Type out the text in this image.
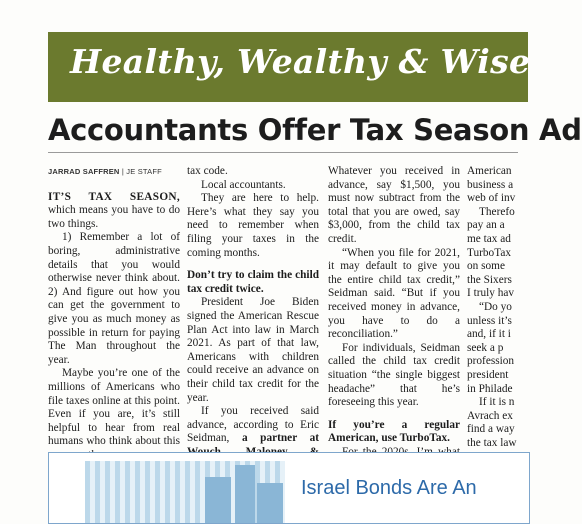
Healthy, Wealthy & Wise
Accountants Offer Tax Season Ad
JARRAD SAFFREN | JE STAFF

IT’S TAX SEASON, which means you have to do two things.

1) Remember a lot of boring, administrative details that you would otherwise never think about. 2) And figure out how you can get the government to give you as much money as possible in return for paying The Man throughout the year.

Maybe you’re one of the millions of Americans who file taxes online at this point. Even if you are, it’s still helpful to hear from real humans who think about this

tax code.

Local accountants.

They are here to help. Here’s what they say you need to remember when filing your taxes in the coming months.

Don’t try to claim the child tax credit twice.

President Joe Biden signed the American Rescue Plan Act into law in March 2021. As part of that law, Americans with children could receive an advance on their child tax credit for the year.

If you received said advance, according to Eric Seidman, a partner at

Whatever you received in advance, say $1,500, you must now subtract from the total that you are owed, say $3,000, from the child tax credit.

“When you file for 2021, it may default to give you the entire child tax credit,” Seidman said. “But if you received money in advance, you have to do a reconciliation.”

For individuals, Seidman called the child tax credit situation “the single biggest headache” that he’s foreseeing this year.

If you’re a regular American, use TurboTax.

American
business a
web of inv
Therefo
pay an a
me tax ad
TurboTax
on some
the Sixers
I truly hav
“Do yo
unless it’s
and, if it i
seek a p
profession
president
in Philade
If it is n
Avrach ex
find a way
the tax law
Israel Bonds Are An
